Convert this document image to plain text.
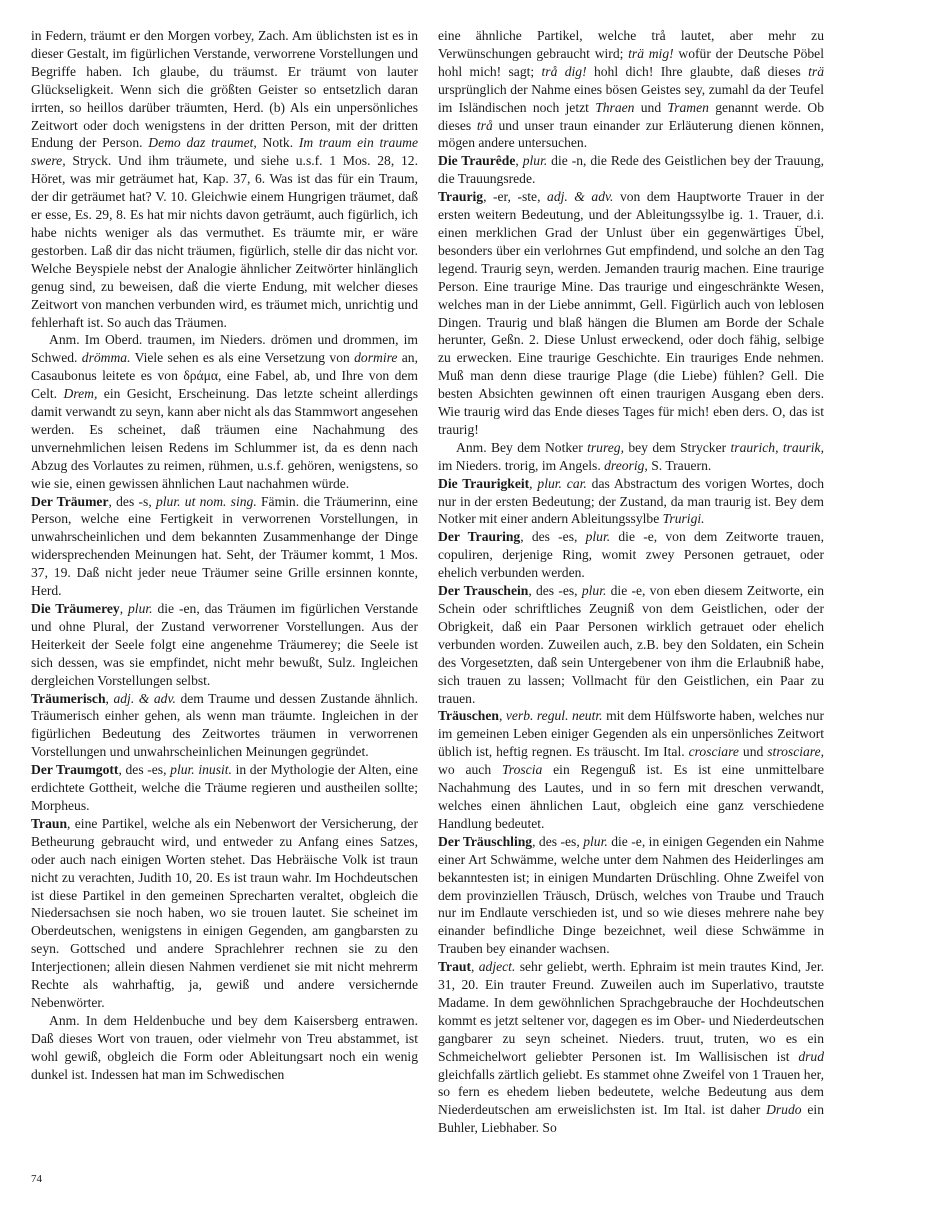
in Federn, träumt er den Morgen vorbey, Zach. Am üblichsten ist es in dieser Gestalt, im figürlichen Verstande, verworrene Vorstellungen und Begriffe haben. Ich glaube, du träumst. Er träumt von lauter Glückseligkeit. Wenn sich die größten Geister so entsetzlich daran irrten, so heillos darüber träumten, Herd. (b) Als ein unpersönliches Zeitwort oder doch wenigstens in der dritten Person, mit der dritten Endung der Person. Demo daz traumet, Notk. Im traum ein traume swere, Stryck. Und ihm träumete, und siehe u.s.f. 1 Mos. 28, 12. Höret, was mir geträumet hat, Kap. 37, 6. Was ist das für ein Traum, der dir geträumet hat? V. 10. Gleichwie einem Hungrigen träumet, daß er esse, Es. 29, 8. Es hat mir nichts davon geträumt, auch figürlich, ich habe nichts weniger als das vermuthet. Es träumte mir, er wäre gestorben. Laß dir das nicht träumen, figürlich, stelle dir das nicht vor. Welche Beyspiele nebst der Analogie ähnlicher Zeitwörter hinlänglich genug sind, zu beweisen, daß die vierte Endung, mit welcher dieses Zeitwort von manchen verbunden wird, es träumet mich, unrichtig und fehlerhaft ist. So auch das Träumen.

Anm. Im Oberd. traumen, im Nieders. drömen und drommen, im Schwed. drömma. Viele sehen es als eine Versetzung von dormire an, Casaubonus leitete es von δράμα, eine Fabel, ab, und Ihre von dem Celt. Drem, ein Gesicht, Erscheinung. Das letzte scheint allerdings damit verwandt zu seyn, kann aber nicht als das Stammwort angesehen werden. Es scheinet, daß träumen eine Nachahmung des unvernehmlichen leisen Redens im Schlummer ist, da es denn nach Abzug des Vorlautes zu reimen, rühmen, u.s.f. gehören, wenigstens, so wie sie, einen gewissen ähnlichen Laut nachahmen würde.

Der Träumer, des -s, plur. ut nom. sing. Fämin. die Träumerinn, eine Person, welche eine Fertigkeit in verworrenen Vorstellungen, in unwahrscheinlichen und dem bekannten Zusammenhange der Dinge widersprechenden Meinungen hat. Seht, der Träumer kommt, 1 Mos. 37, 19. Daß nicht jeder neue Träumer seine Grille ersinnen konnte, Herd.

Die Träumerey, plur. die -en, das Träumen im figürlichen Verstande und ohne Plural, der Zustand verworrener Vorstellungen. Aus der Heiterkeit der Seele folgt eine angenehme Träumerey; die Seele ist sich dessen, was sie empfindet, nicht mehr bewußt, Sulz. Ingleichen dergleichen Vorstellungen selbst.

Träumerisch, adj. & adv. dem Traume und dessen Zustande ähnlich. Träumerisch einher gehen, als wenn man träumte. Ingleichen in der figürlichen Bedeutung des Zeitwortes träumen in verworrenen Vorstellungen und unwahrscheinlichen Meinungen gegründet.

Der Traumgott, des -es, plur. inusit. in der Mythologie der Alten, eine erdichtete Gottheit, welche die Träume regieren und austheilen sollte; Morpheus.

Traun, eine Partikel, welche als ein Nebenwort der Versicherung, der Betheurung gebraucht wird, und entweder zu Anfang eines Satzes, oder auch nach einigen Worten stehet. Das Hebräische Volk ist traun nicht zu verachten, Judith 10, 20. Es ist traun wahr. Im Hochdeutschen ist diese Partikel in den gemeinen Sprecharten veraltet, obgleich die Niedersachsen sie noch haben, wo sie trouen lautet. Sie scheinet im Oberdeutschen, wenigstens in einigen Gegenden, am gangbarsten zu seyn. Gottsched und andere Sprachlehrer rechnen sie zu den Interjectionen; allein diesen Nahmen verdienet sie mit nicht mehrerm Rechte als wahrhaftig, ja, gewiß und andere versichernde Nebenwörter.

Anm. In dem Heldenbuche und bey dem Kaisersberg entrawen. Daß dieses Wort von trauen, oder vielmehr von Treu abstammet, ist wohl gewiß, obgleich die Form oder Ableitungsart noch ein wenig dunkel ist. Indessen hat man im Schwedischen

eine ähnliche Partikel, welche trå lautet, aber mehr zu Verwünschungen gebraucht wird; trä mig! wofür der Deutsche Pöbel hohl mich! sagt; trå dig! hohl dich! Ihre glaubte, daß dieses trä ursprünglich der Nahme eines bösen Geistes sey, zumahl da der Teufel im Isländischen noch jetzt Thraen und Tramen genannt werde. Ob dieses trå und unser traun einander zur Erläuterung dienen können, mögen andere untersuchen.

Die Traurêde, plur. die -n, die Rede des Geistlichen bey der Trauung, die Trauungsrede.

Traurig, -er, -ste, adj. & adv. von dem Hauptworte Trauer in der ersten weitern Bedeutung, und der Ableitungssylbe ig. 1. Trauer, d.i. einen merklichen Grad der Unlust über ein gegenwärtiges Übel, besonders über ein verlohrnes Gut empfindend, und solche an den Tag legend. Traurig seyn, werden. Jemanden traurig machen. Eine traurige Person. Eine traurige Mine. Das traurige und eingeschränkte Wesen, welches man in der Liebe annimmt, Gell. Figürlich auch von leblosen Dingen. Traurig und blaß hängen die Blumen am Borde der Schale herunter, Geßn. 2. Diese Unlust erweckend, oder doch fähig, selbige zu erwecken. Eine traurige Geschichte. Ein trauriges Ende nehmen. Muß man denn diese traurige Plage (die Liebe) fühlen? Gell. Die besten Absichten gewinnen oft einen traurigen Ausgang eben ders. Wie traurig wird das Ende dieses Tages für mich! eben ders. O, das ist traurig!

Anm. Bey dem Notker trureg, bey dem Strycker traurich, traurik, im Nieders. trorig, im Angels. dreorig, S. Trauern.

Die Traurigkeit, plur. car. das Abstractum des vorigen Wortes, doch nur in der ersten Bedeutung; der Zustand, da man traurig ist. Bey dem Notker mit einer andern Ableitungssylbe Trurigi.

Der Trauring, des -es, plur. die -e, von dem Zeitworte trauen, copuliren, derjenige Ring, womit zwey Personen getrauet, oder ehelich verbunden werden.

Der Trauschein, des -es, plur. die -e, von eben diesem Zeitworte, ein Schein oder schriftliches Zeugniß von dem Geistlichen, oder der Obrigkeit, daß ein Paar Personen wirklich getrauet oder ehelich verbunden worden. Zuweilen auch, z.B. bey den Soldaten, ein Schein des Vorgesetzten, daß sein Untergebener von ihm die Erlaubniß habe, sich trauen zu lassen; Vollmacht für den Geistlichen, ein Paar zu trauen.

Träuschen, verb. regul. neutr. mit dem Hülfsworte haben, welches nur im gemeinen Leben einiger Gegenden als ein unpersönliches Zeitwort üblich ist, heftig regnen. Es träuscht. Im Ital. crosciare und strosciare, wo auch Troscia ein Regenguß ist. Es ist eine unmittelbare Nachahmung des Lautes, und in so fern mit dreschen verwandt, welches einen ähnlichen Laut, obgleich eine ganz verschiedene Handlung bedeutet.

Der Träuschling, des -es, plur. die -e, in einigen Gegenden ein Nahme einer Art Schwämme, welche unter dem Nahmen des Heiderlinges am bekanntesten ist; in einigen Mundarten Drüschling. Ohne Zweifel von dem provinziellen Träusch, Drüsch, welches von Traube und Trauch nur im Endlaute verschieden ist, und so wie dieses mehrere nahe bey einander befindliche Dinge bezeichnet, weil diese Schwämme in Trauben bey einander wachsen.

Traut, adject. sehr geliebt, werth. Ephraim ist mein trautes Kind, Jer. 31, 20. Ein trauter Freund. Zuweilen auch im Superlativo, trautste Madame. In dem gewöhnlichen Sprachgebrauche der Hochdeutschen kommt es jetzt seltener vor, dagegen es im Ober- und Niederdeutschen gangbarer zu seyn scheinet. Nieders. truut, truten, wo es ein Schmeichelwort geliebter Personen ist. Im Wallisischen ist drud gleichfalls zärtlich geliebt. Es stammet ohne Zweifel von 1 Trauen her, so fern es ehedem lieben bedeutete, welche Bedeutung aus dem Niederdeutschen am erweislichsten ist. Im Ital. ist daher Drudo ein Buhler, Liebhaber. So

74
